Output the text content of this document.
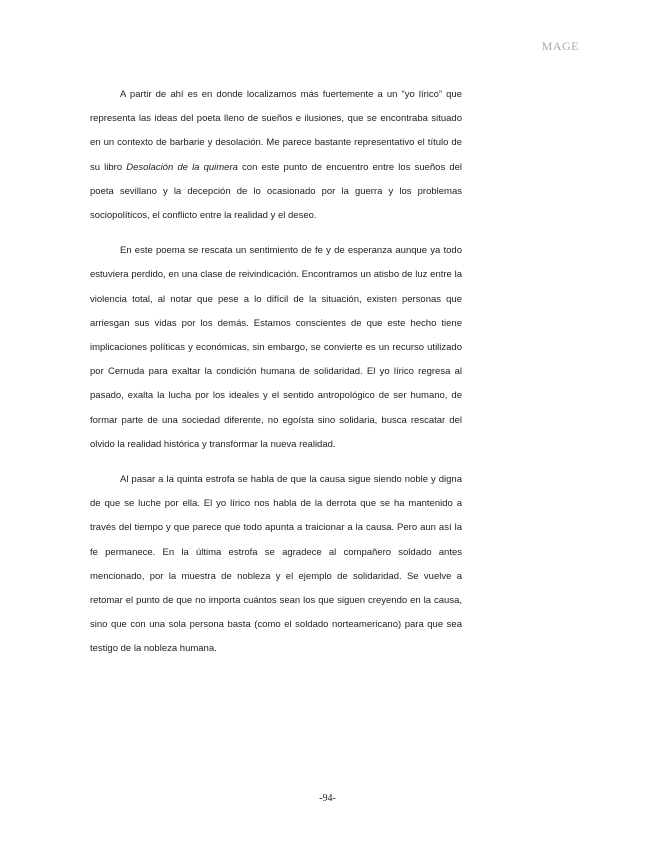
MAGE

A partir de ahí es en donde localizamos más fuertemente a un “yo lírico” que representa las ideas del poeta lleno de sueños e ilusiones, que se encontraba situado en un contexto de barbarie y desolación. Me parece bastante representativo el título de su libro Desolación de la quimera con este punto de encuentro entre los sueños del poeta sevillano y la decepción de lo ocasionado por la guerra y los problemas sociopolíticos, el conflicto entre la realidad y el deseo.

En este poema se rescata un sentimiento de fe y de esperanza aunque ya todo estuviera perdido, en una clase de reivindicación. Encontramos un atisbo de luz entre la violencia total, al notar que pese a lo difícil de la situación, existen personas que arriesgan sus vidas por los demás. Estamos conscientes de que este hecho tiene implicaciones políticas y económicas, sin embargo, se convierte es un recurso utilizado por Cernuda para exaltar la condición humana de solidaridad. El yo lírico regresa al pasado, exalta la lucha por los ideales y el sentido antropológico de ser humano, de formar parte de una sociedad diferente, no egoísta sino solidaria, busca rescatar del olvido la realidad histórica y transformar la nueva realidad.

Al pasar a la quinta estrofa se habla de que la causa sigue siendo noble y digna de que se luche por ella. El yo lírico nos habla de la derrota que se ha mantenido a través del tiempo y que parece que todo apunta a traicionar a la causa. Pero aun así la fe permanece. En la última estrofa se agradece al compañero soldado antes mencionado, por la muestra de nobleza y el ejemplo de solidaridad. Se vuelve a retomar el punto de que no importa cuántos sean los que siguen creyendo en la causa, sino que con una sola persona basta (como el soldado norteamericano) para que sea testigo de la nobleza humana.

-94-
